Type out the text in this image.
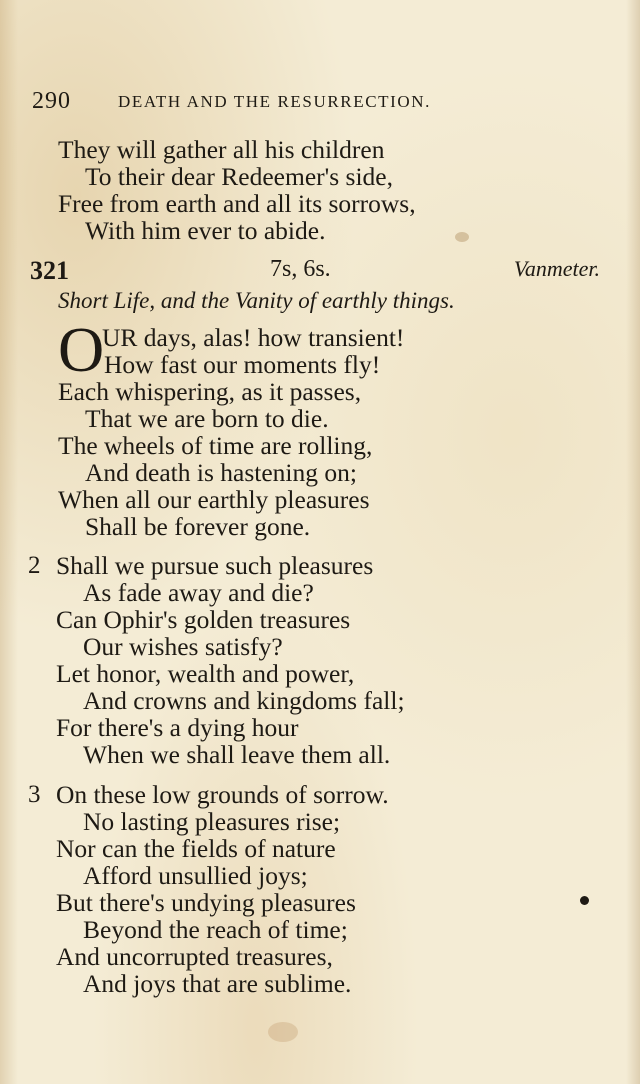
290	DEATH AND THE RESURRECTION.
They will gather all his children
To their dear Redeemer's side,
Free from earth and all its sorrows,
With him ever to abide.
321	7s, 6s.	Vanmeter.
Short Life, and the Vanity of earthly things.
O
UR days, alas! how transient!
How fast our moments fly!
Each whispering, as it passes,
That we are born to die.
The wheels of time are rolling,
And death is hastening on;
When all our earthly pleasures
Shall be forever gone.
2 Shall we pursue such pleasures
As fade away and die?
Can Ophir's golden treasures
Our wishes satisfy?
Let honor, wealth and power,
And crowns and kingdoms fall;
For there's a dying hour
When we shall leave them all.
3 On these low grounds of sorrow.
No lasting pleasures rise;
Nor can the fields of nature
Afford unsullied joys;
But there's undying pleasures
Beyond the reach of time;
And uncorrupted treasures,
And joys that are sublime.
